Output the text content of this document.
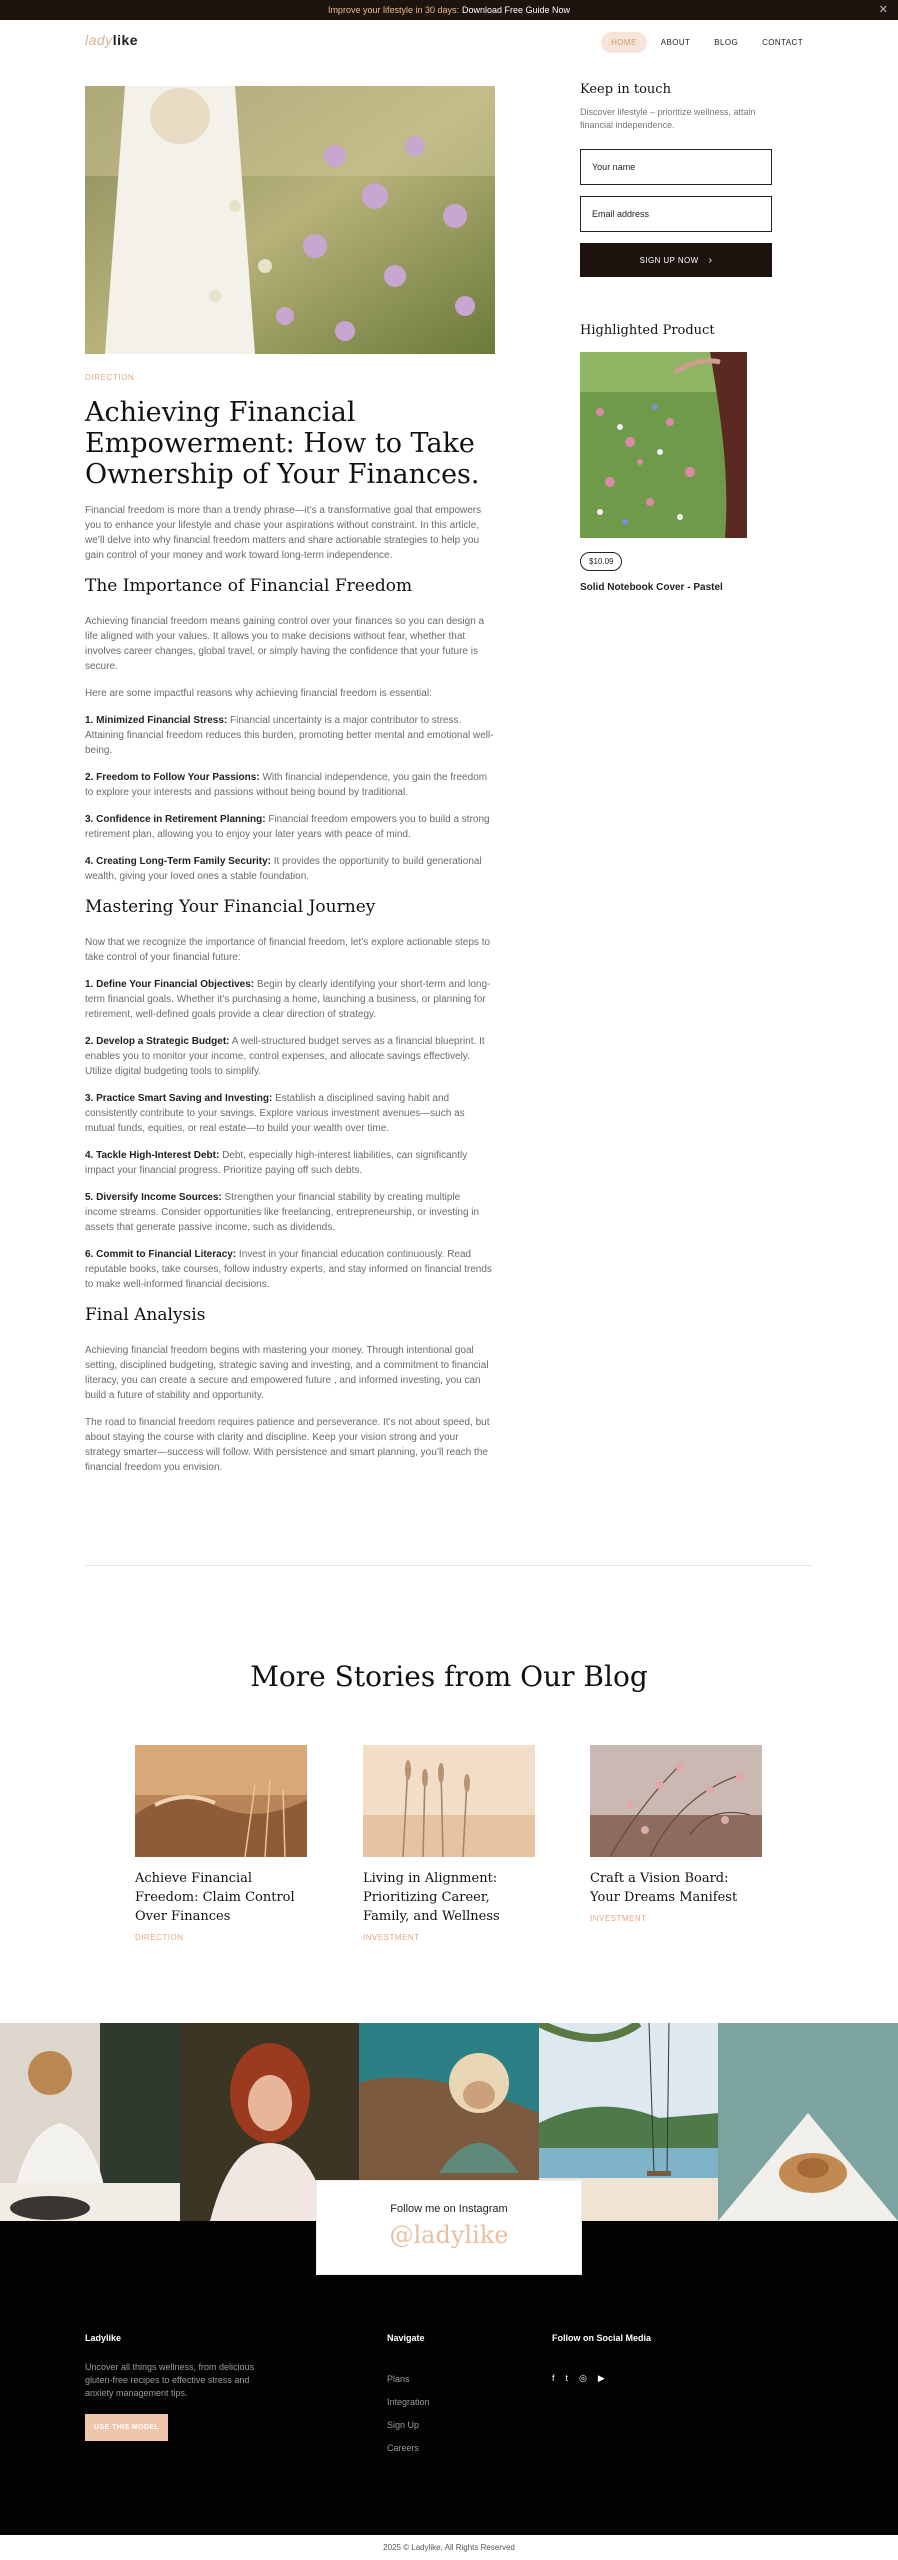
Improve your lifestyle in 30 days: Download Free Guide Now	✕
ladylike	HOME	ABOUT	BLOG	CONTACT
DIRECTION
Achieving Financial Empowerment: How to Take Ownership of Your Finances.

Financial freedom is more than a trendy phrase—it’s a transformative goal that empowers you to enhance your lifestyle and chase your aspirations without constraint. In this article, we’ll delve into why financial freedom matters and share actionable strategies to help you gain control of your money and work toward long-term independence.

The Importance of Financial Freedom

Achieving financial freedom means gaining control over your finances so you can design a life aligned with your values. It allows you to make decisions without fear, whether that involves career changes, global travel, or simply having the confidence that your future is secure.

Here are some impactful reasons why achieving financial freedom is essential:

1. Minimized Financial Stress: Financial uncertainty is a major contributor to stress. Attaining financial freedom reduces this burden, promoting better mental and emotional well-being.

2. Freedom to Follow Your Passions: With financial independence, you gain the freedom to explore your interests and passions without being bound by traditional.

3. Confidence in Retirement Planning: Financial freedom empowers you to build a strong retirement plan, allowing you to enjoy your later years with peace of mind.

4. Creating Long-Term Family Security: It provides the opportunity to build generational wealth, giving your loved ones a stable foundation.

Mastering Your Financial Journey

Now that we recognize the importance of financial freedom, let’s explore actionable steps to take control of your financial future:

1. Define Your Financial Objectives: Begin by clearly identifying your short-term and long-term financial goals. Whether it’s purchasing a home, launching a business, or planning for retirement, well-defined goals provide a clear direction of strategy.

2. Develop a Strategic Budget: A well-structured budget serves as a financial blueprint. It enables you to monitor your income, control expenses, and allocate savings effectively. Utilize digital budgeting tools to simplify.

3. Practice Smart Saving and Investing: Establish a disciplined saving habit and consistently contribute to your savings. Explore various investment avenues—such as mutual funds, equities, or real estate—to build your wealth over time.

4. Tackle High-Interest Debt: Debt, especially high-interest liabilities, can significantly impact your financial progress. Prioritize paying off such debts.

5. Diversify Income Sources: Strengthen your financial stability by creating multiple income streams. Consider opportunities like freelancing, entrepreneurship, or investing in assets that generate passive income, such as dividends.

6. Commit to Financial Literacy: Invest in your financial education continuously. Read reputable books, take courses, follow industry experts, and stay informed on financial trends to make well-informed financial decisions.

Final Analysis

Achieving financial freedom begins with mastering your money. Through intentional goal setting, disciplined budgeting, strategic saving and investing, and a commitment to financial literacy, you can create a secure and empowered future , and informed investing, you can build a future of stability and opportunity.

The road to financial freedom requires patience and perseverance. It’s not about speed, but about staying the course with clarity and discipline. Keep your vision strong and your strategy smarter—success will follow. With persistence and smart planning, you’ll reach the financial freedom you envision.

Keep in touch
Discover lifestyle – prioritize wellness, attain financial independence.
Your name
Email address
SIGN UP NOW ›
Highlighted Product
$10.09
Solid Notebook Cover - Pastel
More Stories from Our Blog
Achieve Financial Freedom: Claim Control Over Finances
DIRECTION
Living in Alignment: Prioritizing Career, Family, and Wellness
INVESTMENT
Craft a Vision Board: Your Dreams Manifest
INVESTMENT
Ladylike
Uncover all things wellness, from delicious gluten-free recipes to effective stress and anxiety management tips.
USE THIS MODEL
Navigate
Plans
Integration
Sign Up
Careers
Follow on Social Media
f t ◎ ▶
Follow me on Instagram
@ladylike
2025 © Ladylike, All Rights Reserved
